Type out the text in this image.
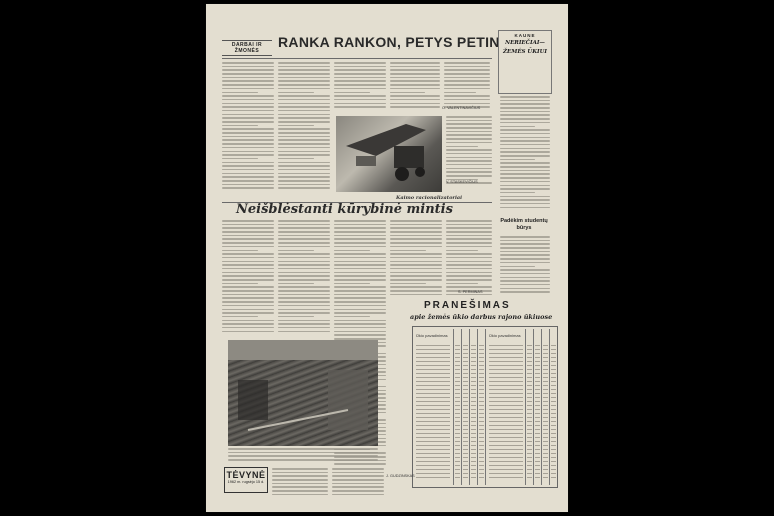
DARBAI IR ŽMONĖS
RANKA RANKON, PETYS PETIN	KAUNE
NERIEČIAI—
ŽEMĖS ŪKIUI
Kaimo racionalizatoriai
Neišblėstanti kūrybinė mintis
Padėkim studentų būrys
TĖVYNĖ
1962 m. rugsėjo 15 d.
PRANEŠIMAS
apie žemės ūkio darbus rajono ūkiuose
Ūkio pavadinimas	Ūkio pavadinimas
O. VALENTINAVIČIUS
J. GUDZINSKAS
V. STASKEVIČIUS
S. PERMINAS
